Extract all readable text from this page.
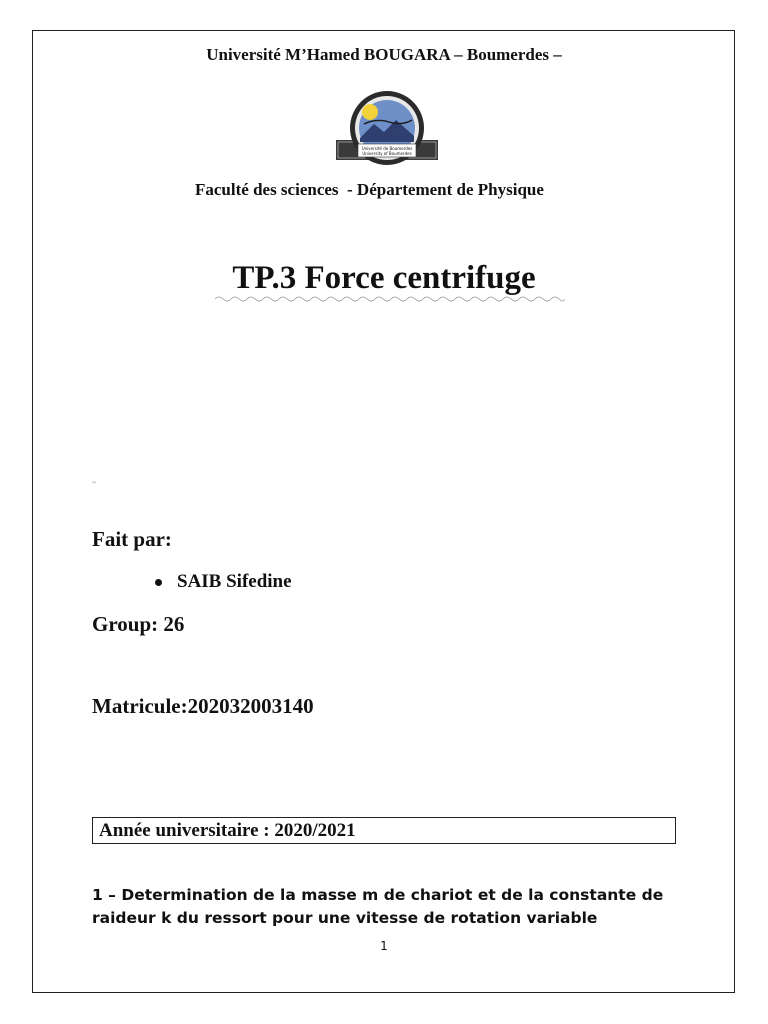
Université M’Hamed BOUGARA – Boumerdes –
Université de Boumerdes
University of Boumerdes
Faculté des sciences  - Département de Physique
TP.3 Force centrifuge
~
Fait par:
SAIB Sifedine
Group: 26
Matricule:202032003140
Année universitaire : 2020/2021
1 – Determination de la masse m de chariot et de la constante de raideur k du ressort pour une vitesse de rotation variable
1
